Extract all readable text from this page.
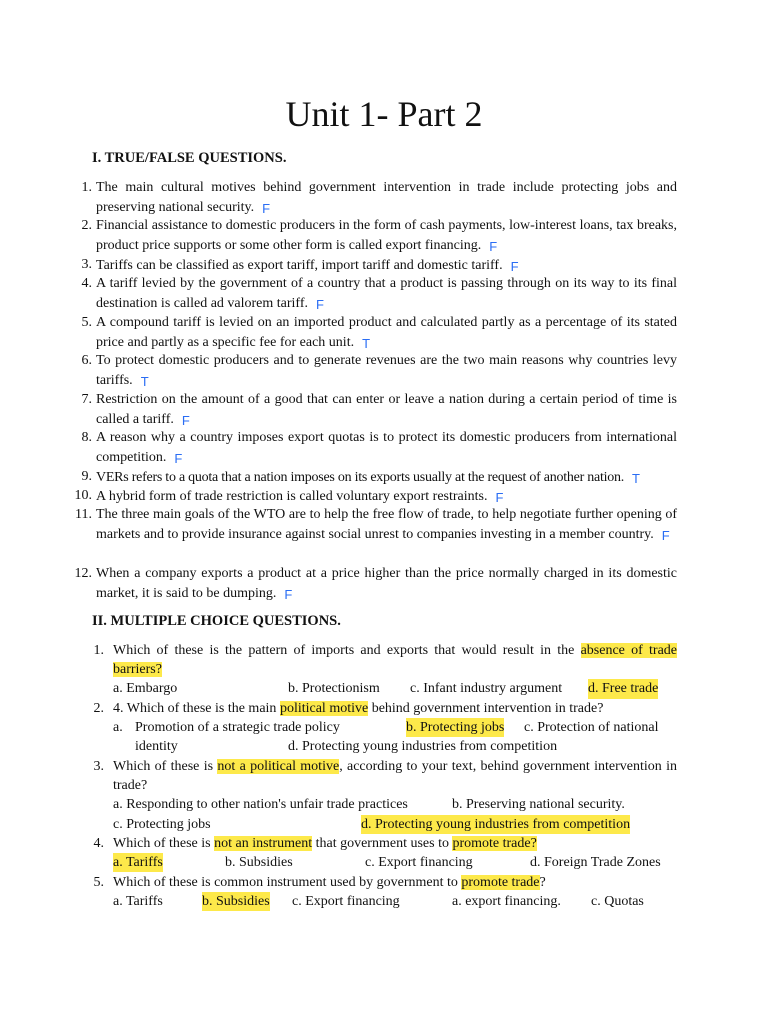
Unit 1- Part 2
I. TRUE/FALSE QUESTIONS.
1. The main cultural motives behind government intervention in trade include protecting jobs and preserving national security. F
2. Financial assistance to domestic producers in the form of cash payments, low-interest loans, tax breaks, product price supports or some other form is called export financing. F
3. Tariffs can be classified as export tariff, import tariff and domestic tariff. F
4. A tariff levied by the government of a country that a product is passing through on its way to its final destination is called ad valorem tariff. F
5. A compound tariff is levied on an imported product and calculated partly as a percentage of its stated price and partly as a specific fee for each unit. T
6. To protect domestic producers and to generate revenues are the two main reasons why countries levy tariffs. T
7. Restriction on the amount of a good that can enter or leave a nation during a certain period of time is called a tariff. F
8. A reason why a country imposes export quotas is to protect its domestic producers from international competition. F
9. VERs refers to a quota that a nation imposes on its exports usually at the request of another nation. T
10. A hybrid form of trade restriction is called voluntary export restraints. F
11. The three main goals of the WTO are to help the free flow of trade, to help negotiate further opening of markets and to provide insurance against social unrest to companies investing in a member country. F
12. When a company exports a product at a price higher than the price normally charged in its domestic market, it is said to be dumping. F
II. MULTIPLE CHOICE QUESTIONS.
1. Which of these is the pattern of imports and exports that would result in the absence of trade barriers?
a. Embargo	b. Protectionism c. Infant industry argument d. Free trade
2. 4. Which of these is the main political motive behind government intervention in trade?
a. Promotion of a strategic trade policy	b. Protecting jobs c. Protection of national
identity	d. Protecting young industries from competition
3. Which of these is not a political motive, according to your text, behind government intervention in trade?
a. Responding to other nation's unfair trade practices	b. Preserving national security.
c. Protecting jobs	d. Protecting young industries from competition
4. Which of these is not an instrument that government uses to promote trade?
a. Tariffs	b. Subsidies	c. Export financing	d. Foreign Trade Zones
5. Which of these is common instrument used by government to promote trade?
a. Tariffs	b. Subsidies c. Export financing	a. export financing. c. Quotas
